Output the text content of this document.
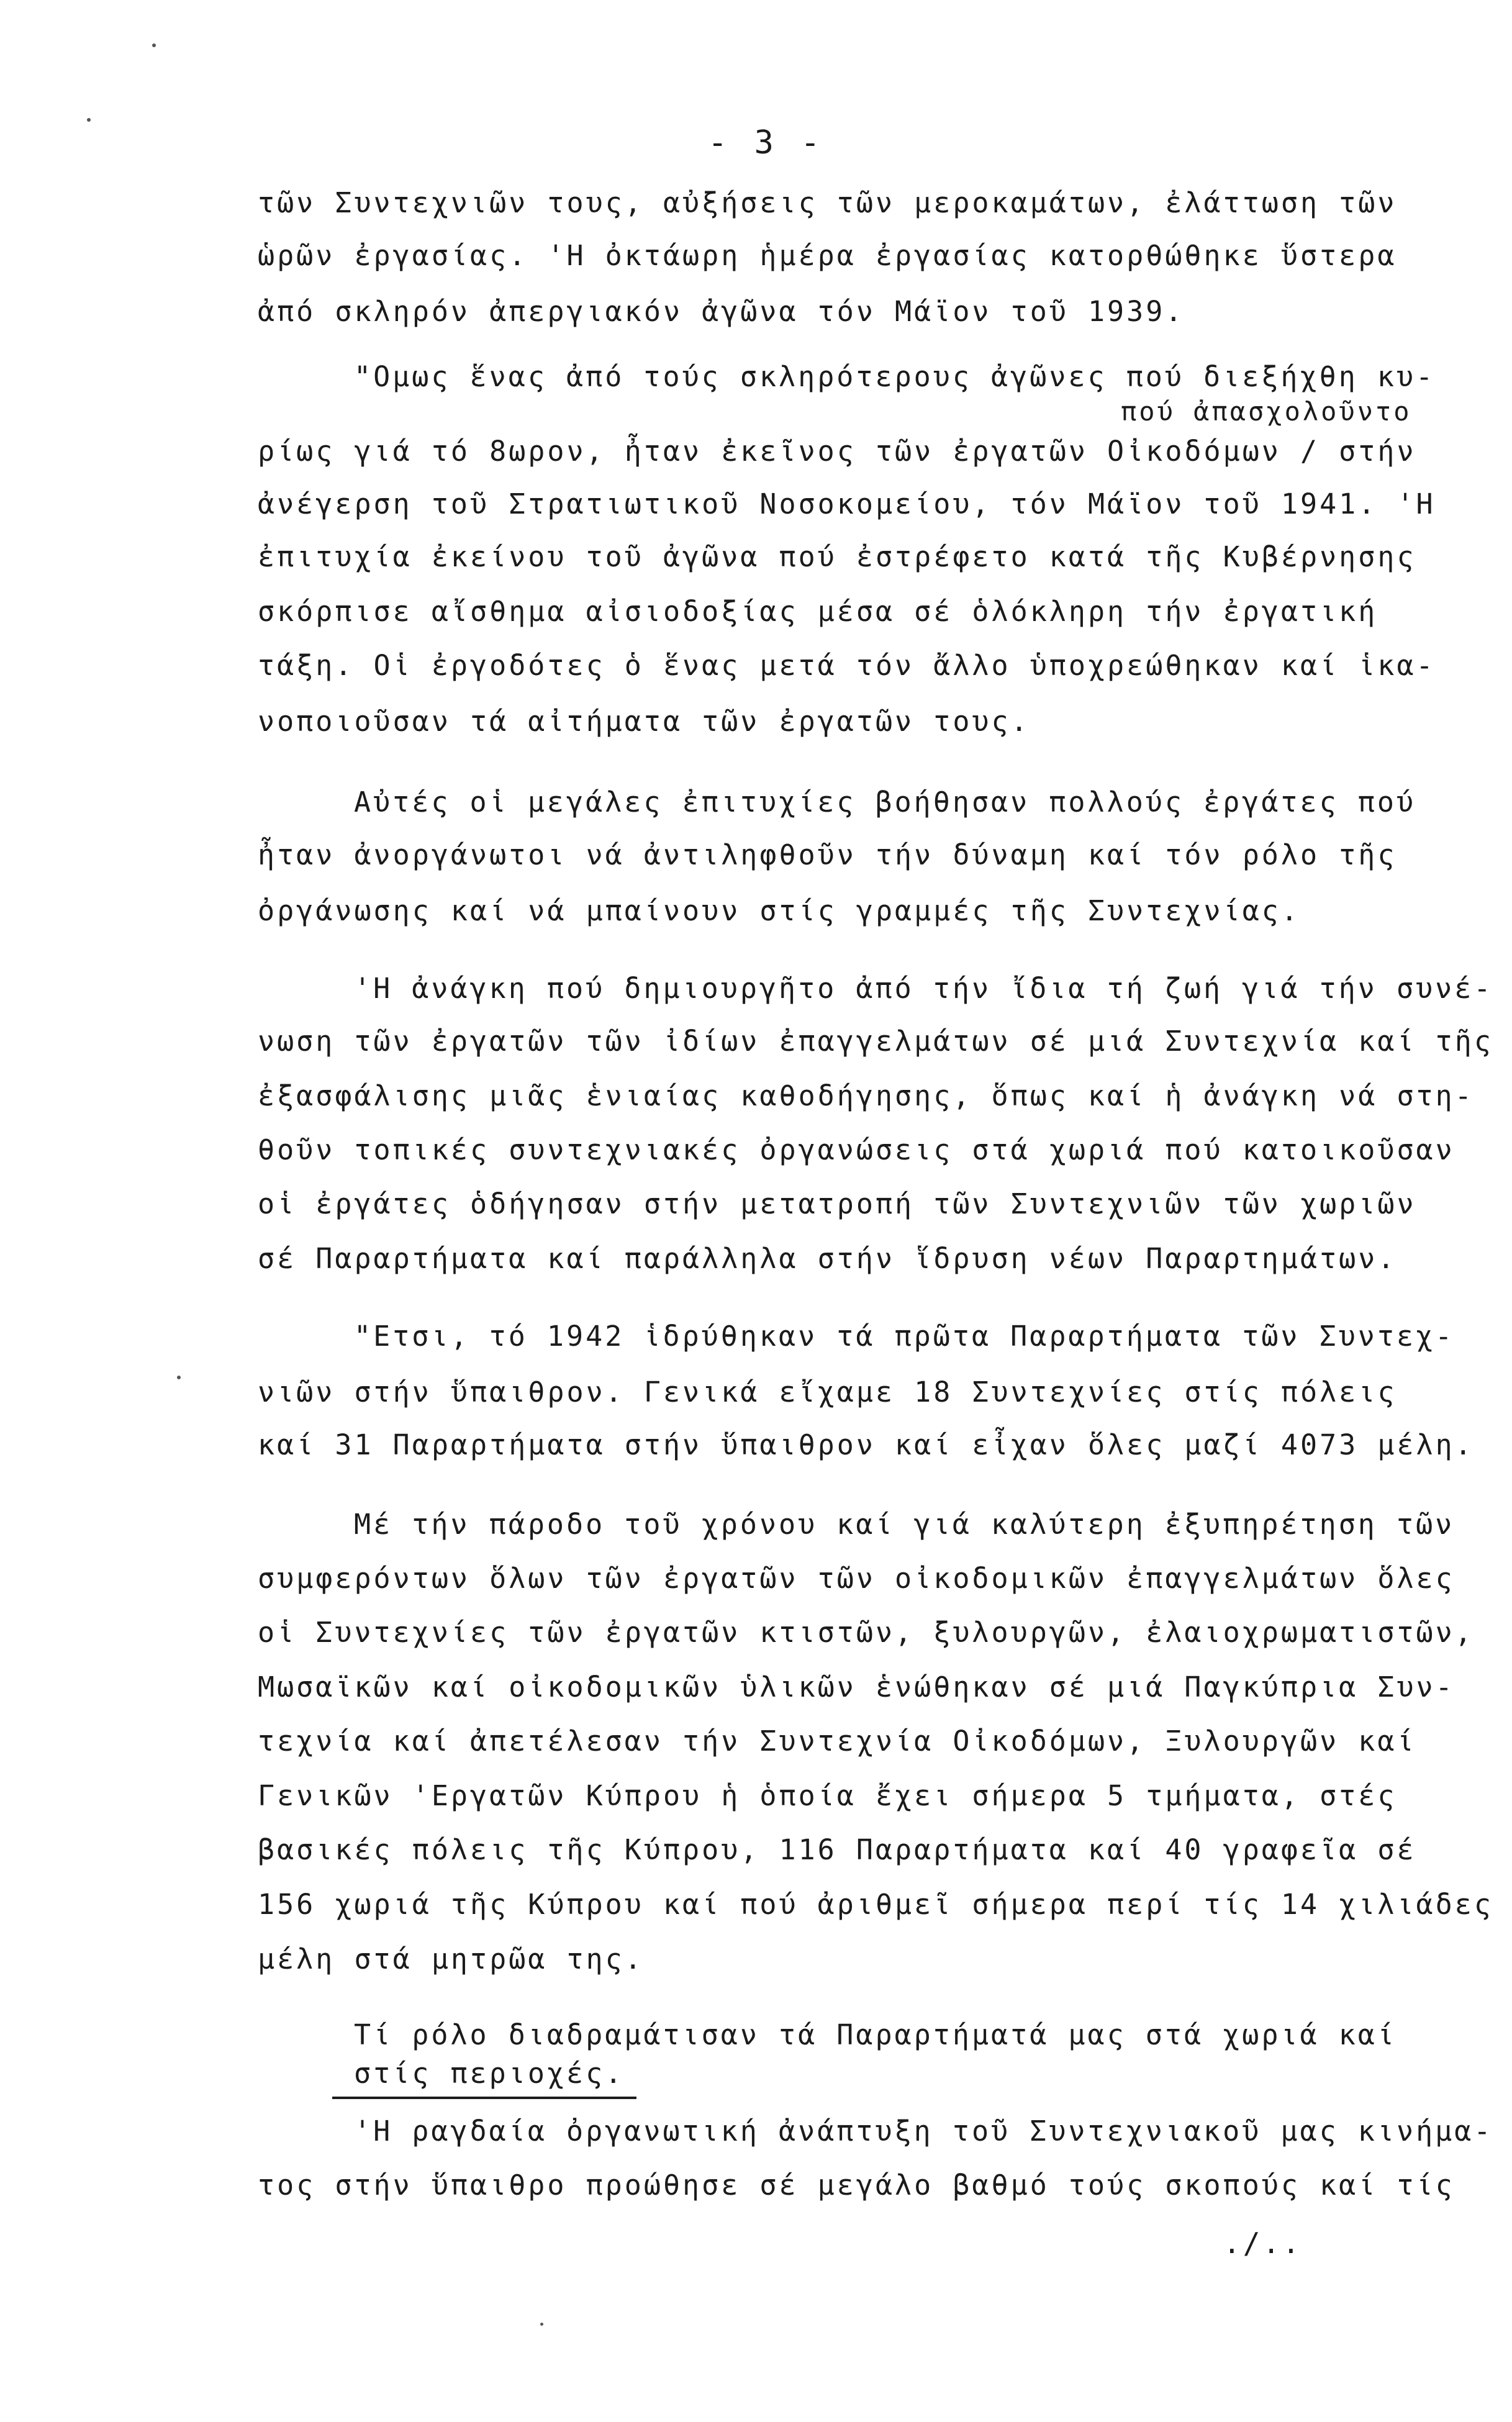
- 3 -
τῶν Συντεχνιῶν τους, αὐξήσεις τῶν μεροκαμάτων, ἐλάττωση τῶν
ὡρῶν ἐργασίας. 'Η ὀκτάωρη ἡμέρα ἐργασίας κατορθώθηκε ὕστερα
ἀπό σκληρόν ἀπεργιακόν ἀγῶνα τόν Μάϊον τοῦ 1939.
"Ομως ἕνας ἀπό τούς σκληρότερους ἀγῶνες πού διεξήχθη κυ-
πού ἀπασχολοῦντο
ρίως γιά τό 8ωρον, ἦταν ἐκεῖνος τῶν ἐργατῶν Οἰκοδόμων / στήν
ἀνέγερση τοῦ Στρατιωτικοῦ Νοσοκομείου, τόν Μάϊον τοῦ 1941. 'Η
ἐπιτυχία ἐκείνου τοῦ ἀγῶνα πού ἐστρέφετο κατά τῆς Κυβέρνησης
σκόρπισε αἴσθημα αἰσιοδοξίας μέσα σέ ὁλόκληρη τήν ἐργατική
τάξη. Οἱ ἐργοδότες ὁ ἕνας μετά τόν ἄλλο ὑποχρεώθηκαν καί ἱκα-
νοποιοῦσαν τά αἰτήματα τῶν ἐργατῶν τους.
Αὐτές οἱ μεγάλες ἐπιτυχίες βοήθησαν πολλούς ἐργάτες πού
ἦταν ἀνοργάνωτοι νά ἀντιληφθοῦν τήν δύναμη καί τόν ρόλο τῆς
ὀργάνωσης καί νά μπαίνουν στίς γραμμές τῆς Συντεχνίας.
'Η ἀνάγκη πού δημιουργῆτο ἀπό τήν ἴδια τή ζωή γιά τήν συνέ-
νωση τῶν ἐργατῶν τῶν ἰδίων ἐπαγγελμάτων σέ μιά Συντεχνία καί τῆς
ἐξασφάλισης μιᾶς ἑνιαίας καθοδήγησης, ὅπως καί ἡ ἀνάγκη νά στη-
θοῦν τοπικές συντεχνιακές ὀργανώσεις στά χωριά πού κατοικοῦσαν
οἱ ἐργάτες ὁδήγησαν στήν μετατροπή τῶν Συντεχνιῶν τῶν χωριῶν
σέ Παραρτήματα καί παράλληλα στήν ἵδρυση νέων Παραρτημάτων.
"Ετσι, τό 1942 ἱδρύθηκαν τά πρῶτα Παραρτήματα τῶν Συντεχ-
νιῶν στήν ὕπαιθρον. Γενικά εἴχαμε 18 Συντεχνίες στίς πόλεις
καί 31 Παραρτήματα στήν ὕπαιθρον καί εἶχαν ὅλες μαζί 4073 μέλη.
Μέ τήν πάροδο τοῦ χρόνου καί γιά καλύτερη ἐξυπηρέτηση τῶν
συμφερόντων ὅλων τῶν ἐργατῶν τῶν οἰκοδομικῶν ἐπαγγελμάτων ὅλες
οἱ Συντεχνίες τῶν ἐργατῶν κτιστῶν, ξυλουργῶν, ἐλαιοχρωματιστῶν,
Μωσαϊκῶν καί οἰκοδομικῶν ὑλικῶν ἑνώθηκαν σέ μιά Παγκύπρια Συν-
τεχνία καί ἀπετέλεσαν τήν Συντεχνία Οἰκοδόμων, Ξυλουργῶν καί
Γενικῶν 'Εργατῶν Κύπρου ἡ ὁποία ἔχει σήμερα 5 τμήματα, στές
βασικές πόλεις τῆς Κύπρου, 116 Παραρτήματα καί 40 γραφεῖα σέ
156 χωριά τῆς Κύπρου καί πού ἀριθμεῖ σήμερα περί τίς 14 χιλιάδες
μέλη στά μητρῶα της.
Τί ρόλο διαδραμάτισαν τά Παραρτήματά μας στά χωριά καί
στίς περιοχές.
'Η ραγδαία ὀργανωτική ἀνάπτυξη τοῦ Συντεχνιακοῦ μας κινήμα-
τος στήν ὕπαιθρο προώθησε σέ μεγάλο βαθμό τούς σκοπούς καί τίς
./..
